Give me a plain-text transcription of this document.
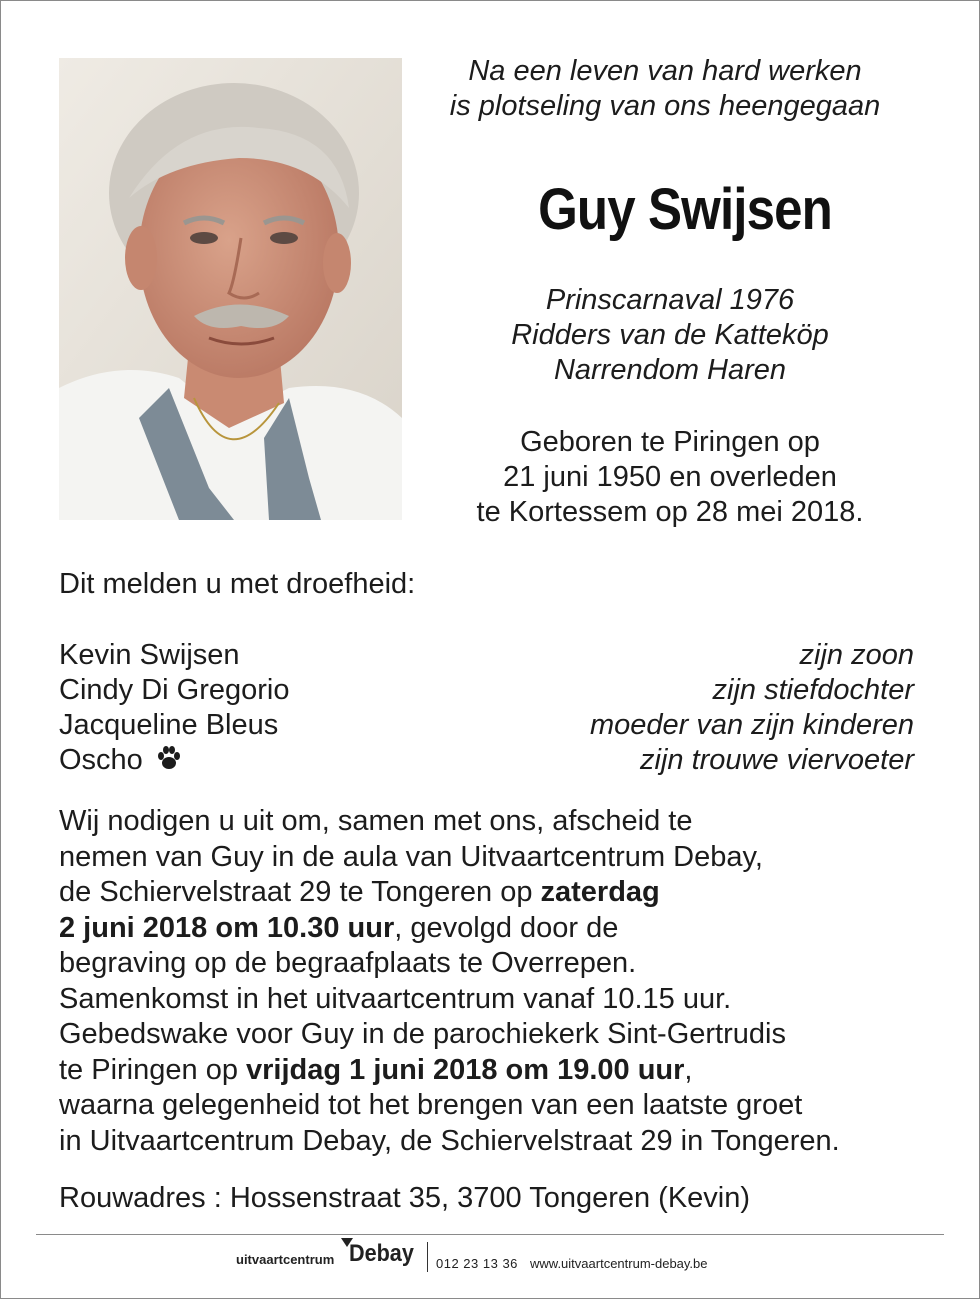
Na een leven van hard werken
is plotseling van ons heengegaan
Guy Swijsen
Prinscarnaval 1976
Ridders van de Katteköp
Narrendom Haren
Geboren te Piringen op
21 juni 1950 en overleden
te Kortessem op 28 mei 2018.
Dit melden u met droefheid:
Kevin Swijsen	zijn zoon
Cindy Di Gregorio	zijn stiefdochter
Jacqueline Bleus	moeder van zijn kinderen
Oscho	zijn trouwe viervoeter

Wij nodigen u uit om, samen met ons, afscheid te

nemen van Guy in de aula van Uitvaartcentrum Debay,

de Schiervelstraat 29 te Tongeren op zaterdag

2 juni 2018 om 10.30 uur, gevolgd door de

begraving op de begraafplaats te Overrepen.

Samenkomst in het uitvaartcentrum vanaf 10.15 uur.

Gebedswake voor Guy in de parochiekerk Sint-Gertrudis

te Piringen op vrijdag 1 juni 2018 om 19.00 uur,

waarna gelegenheid tot het brengen van een laatste groet

in Uitvaartcentrum Debay, de Schiervelstraat 29 in Tongeren.

Rouwadres : Hossenstraat 35, 3700 Tongeren (Kevin)
uitvaartcentrum Debay 012 23 13 36 www.uitvaartcentrum-debay.be
